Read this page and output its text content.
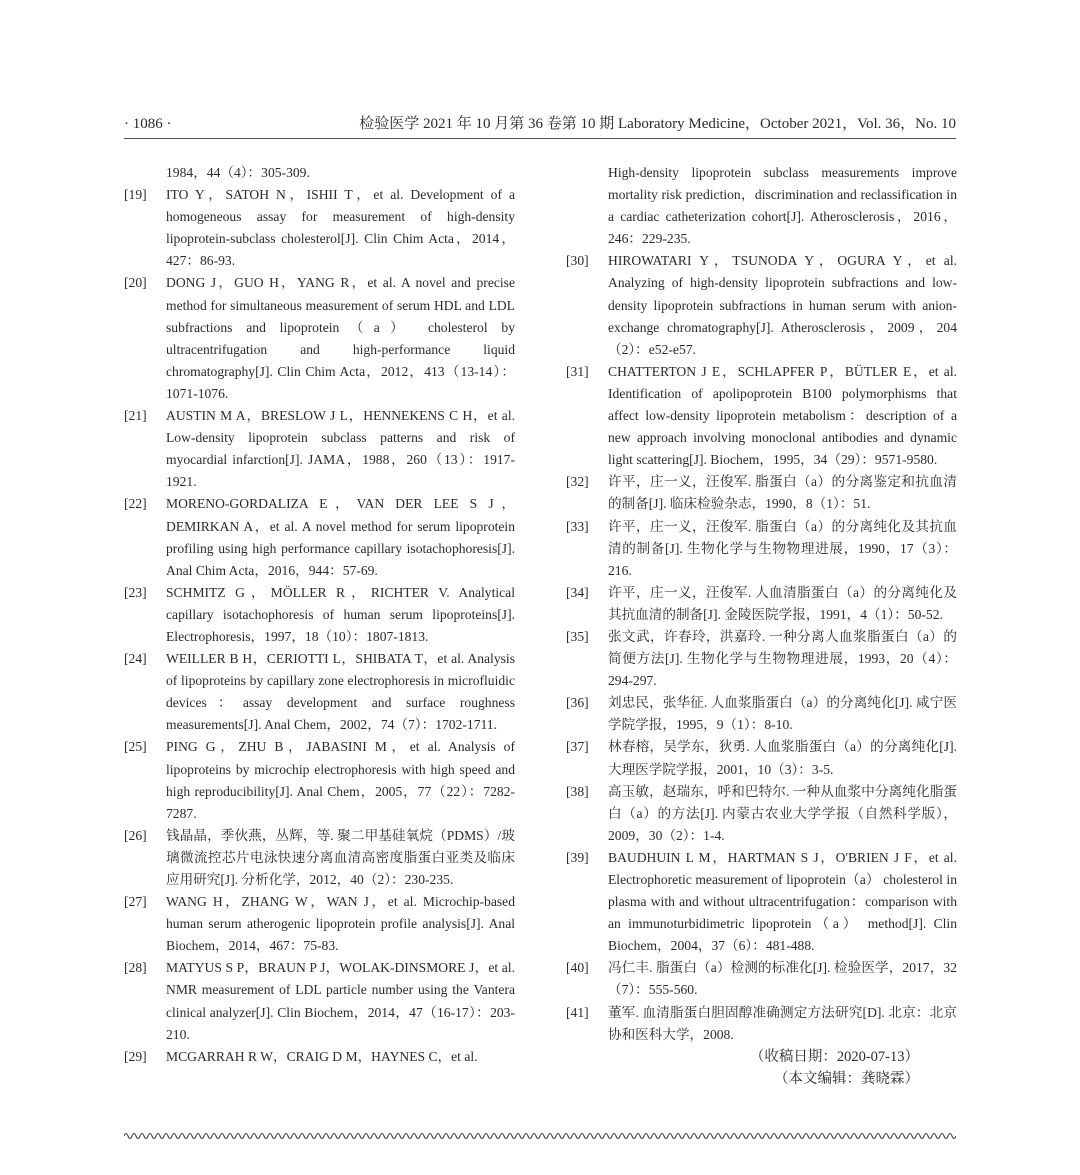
· 1086 ·	检验医学 2021 年 10 月第 36 卷第 10 期 Laboratory Medicine，October 2021，Vol. 36，No. 10
1984，44（4）：305-309.
[19] ITO Y，SATOH N，ISHII T，et al. Development of a homogeneous assay for measurement of high-density lipoprotein-subclass cholesterol[J]. Clin Chim Acta，2014，427：86-93.
[20] DONG J，GUO H，YANG R，et al. A novel and precise method for simultaneous measurement of serum HDL and LDL subfractions and lipoprotein（a） cholesterol by ultracentrifugation and high-performance liquid chromatography[J]. Clin Chim Acta，2012，413（13-14）：1071-1076.
[21] AUSTIN M A，BRESLOW J L，HENNEKENS C H，et al. Low-density lipoprotein subclass patterns and risk of myocardial infarction[J]. JAMA，1988，260（13）：1917-1921.
[22] MORENO-GORDALIZA E，VAN DER LEE S J，DEMIRKAN A，et al. A novel method for serum lipoprotein profiling using high performance capillary isotachophoresis[J]. Anal Chim Acta，2016，944：57-69.
[23] SCHMITZ G，MÖLLER R，RICHTER V. Analytical capillary isotachophoresis of human serum lipoproteins[J]. Electrophoresis，1997，18（10）：1807-1813.
[24] WEILLER B H，CERIOTTI L，SHIBATA T，et al. Analysis of lipoproteins by capillary zone electrophoresis in microfluidic devices：assay development and surface roughness measurements[J]. Anal Chem，2002，74（7）：1702-1711.
[25] PING G，ZHU B，JABASINI M，et al. Analysis of lipoproteins by microchip electrophoresis with high speed and high reproducibility[J]. Anal Chem，2005，77（22）：7282-7287.
[26] 钱晶晶，季伙燕，丛辉，等. 聚二甲基硅氧烷（PDMS）/玻璃微流控芯片电泳快速分离血清高密度脂蛋白亚类及临床应用研究[J]. 分析化学，2012，40（2）：230-235.
[27] WANG H，ZHANG W，WAN J，et al. Microchip-based human serum atherogenic lipoprotein profile analysis[J]. Anal Biochem，2014，467：75-83.
[28] MATYUS S P，BRAUN P J，WOLAK-DINSMORE J，et al. NMR measurement of LDL particle number using the Vantera clinical analyzer[J]. Clin Biochem，2014，47（16-17）：203-210.
[29] MCGARRAH R W，CRAIG D M，HAYNES C，et al.
High-density lipoprotein subclass measurements improve mortality risk prediction，discrimination and reclassification in a cardiac catheterization cohort[J]. Atherosclerosis，2016，246：229-235.
[30] HIROWATARI Y，TSUNODA Y，OGURA Y，et al. Analyzing of high-density lipoprotein subfractions and low-density lipoprotein subfractions in human serum with anion-exchange chromatography[J]. Atherosclerosis，2009，204（2）：e52-e57.
[31] CHATTERTON J E，SCHLAPFER P，BÜTLER E，et al. Identification of apolipoprotein B100 polymorphisms that affect low-density lipoprotein metabolism：description of a new approach involving monoclonal antibodies and dynamic light scattering[J]. Biochem，1995，34（29）：9571-9580.
[32] 许平，庄一义，汪俊军. 脂蛋白（a）的分离鉴定和抗血清的制备[J]. 临床检验杂志，1990，8（1）：51.
[33] 许平，庄一义，汪俊军. 脂蛋白（a）的分离纯化及其抗血清的制备[J]. 生物化学与生物物理进展，1990，17（3）：216.
[34] 许平，庄一义，汪俊军. 人血清脂蛋白（a）的分离纯化及其抗血清的制备[J]. 金陵医院学报，1991，4（1）：50-52.
[35] 张文武，许春玲，洪嘉玲. 一种分离人血浆脂蛋白（a）的简便方法[J]. 生物化学与生物物理进展，1993，20（4）：294-297.
[36] 刘忠民，张华征. 人血浆脂蛋白（a）的分离纯化[J]. 咸宁医学院学报，1995，9（1）：8-10.
[37] 林春榕，吴学东，狄勇. 人血浆脂蛋白（a）的分离纯化[J]. 大理医学院学报，2001，10（3）：3-5.
[38] 高玉敏，赵瑞东，呼和巴特尔. 一种从血浆中分离纯化脂蛋白（a）的方法[J]. 内蒙古农业大学学报（自然科学版），2009，30（2）：1-4.
[39] BAUDHUIN L M，HARTMAN S J，O'BRIEN J F，et al. Electrophoretic measurement of lipoprotein（a） cholesterol in plasma with and without ultracentrifugation：comparison with an immunoturbidimetric lipoprotein（a） method[J]. Clin Biochem，2004，37（6）：481-488.
[40] 冯仁丰. 脂蛋白（a）检测的标准化[J]. 检验医学，2017，32（7）：555-560.
[41] 董军. 血清脂蛋白胆固醇准确测定方法研究[D]. 北京：北京协和医科大学，2008.
（收稿日期：2020-07-13）
（本文编辑：龚晓霖）
